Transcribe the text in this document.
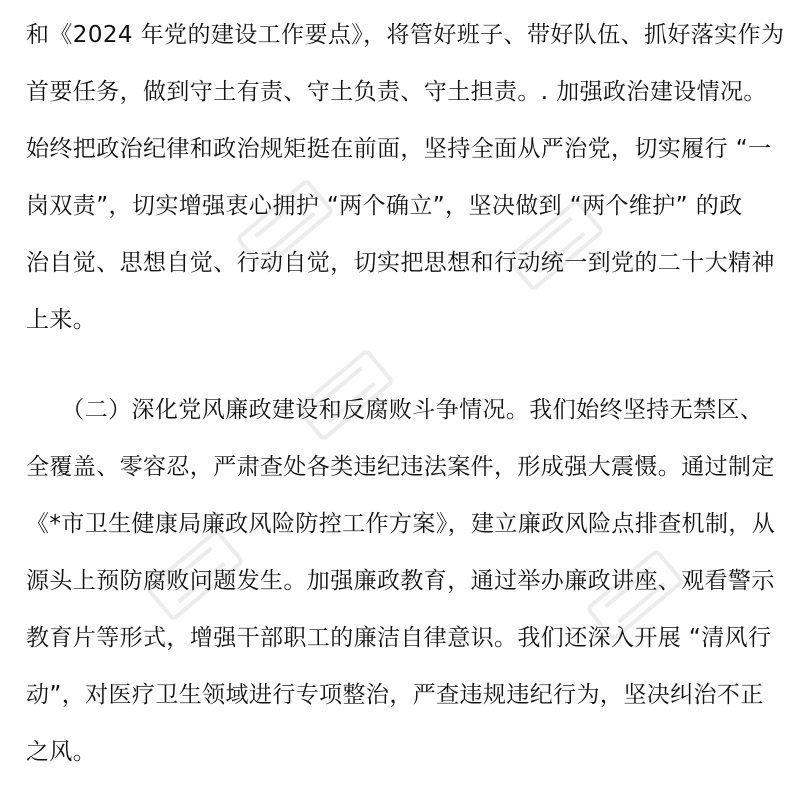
和《2024 年党的建设工作要点》，将管好班子、带好队伍、抓好落实作为
首要任务，做到守土有责、守土负责、守土担责。. 加强政治建设情况。
始终把政治纪律和政治规矩挺在前面，坚持全面从严治党，切实履行 “一
岗双责”，切实增强衷心拥护 “两个确立”，坚决做到 “两个维护” 的政
治自觉、思想自觉、行动自觉，切实把思想和行动统一到党的二十大精神
上来。
　　（二）深化党风廉政建设和反腐败斗争情况。我们始终坚持无禁区、
全覆盖、零容忍，严肃查处各类违纪违法案件，形成强大震慑。通过制定
《*市卫生健康局廉政风险防控工作方案》，建立廉政风险点排查机制，从
源头上预防腐败问题发生。加强廉政教育，通过举办廉政讲座、观看警示
教育片等形式，增强干部职工的廉洁自律意识。我们还深入开展 “清风行
动”，对医疗卫生领域进行专项整治，严查违规违纪行为，坚决纠治不正
之风。
